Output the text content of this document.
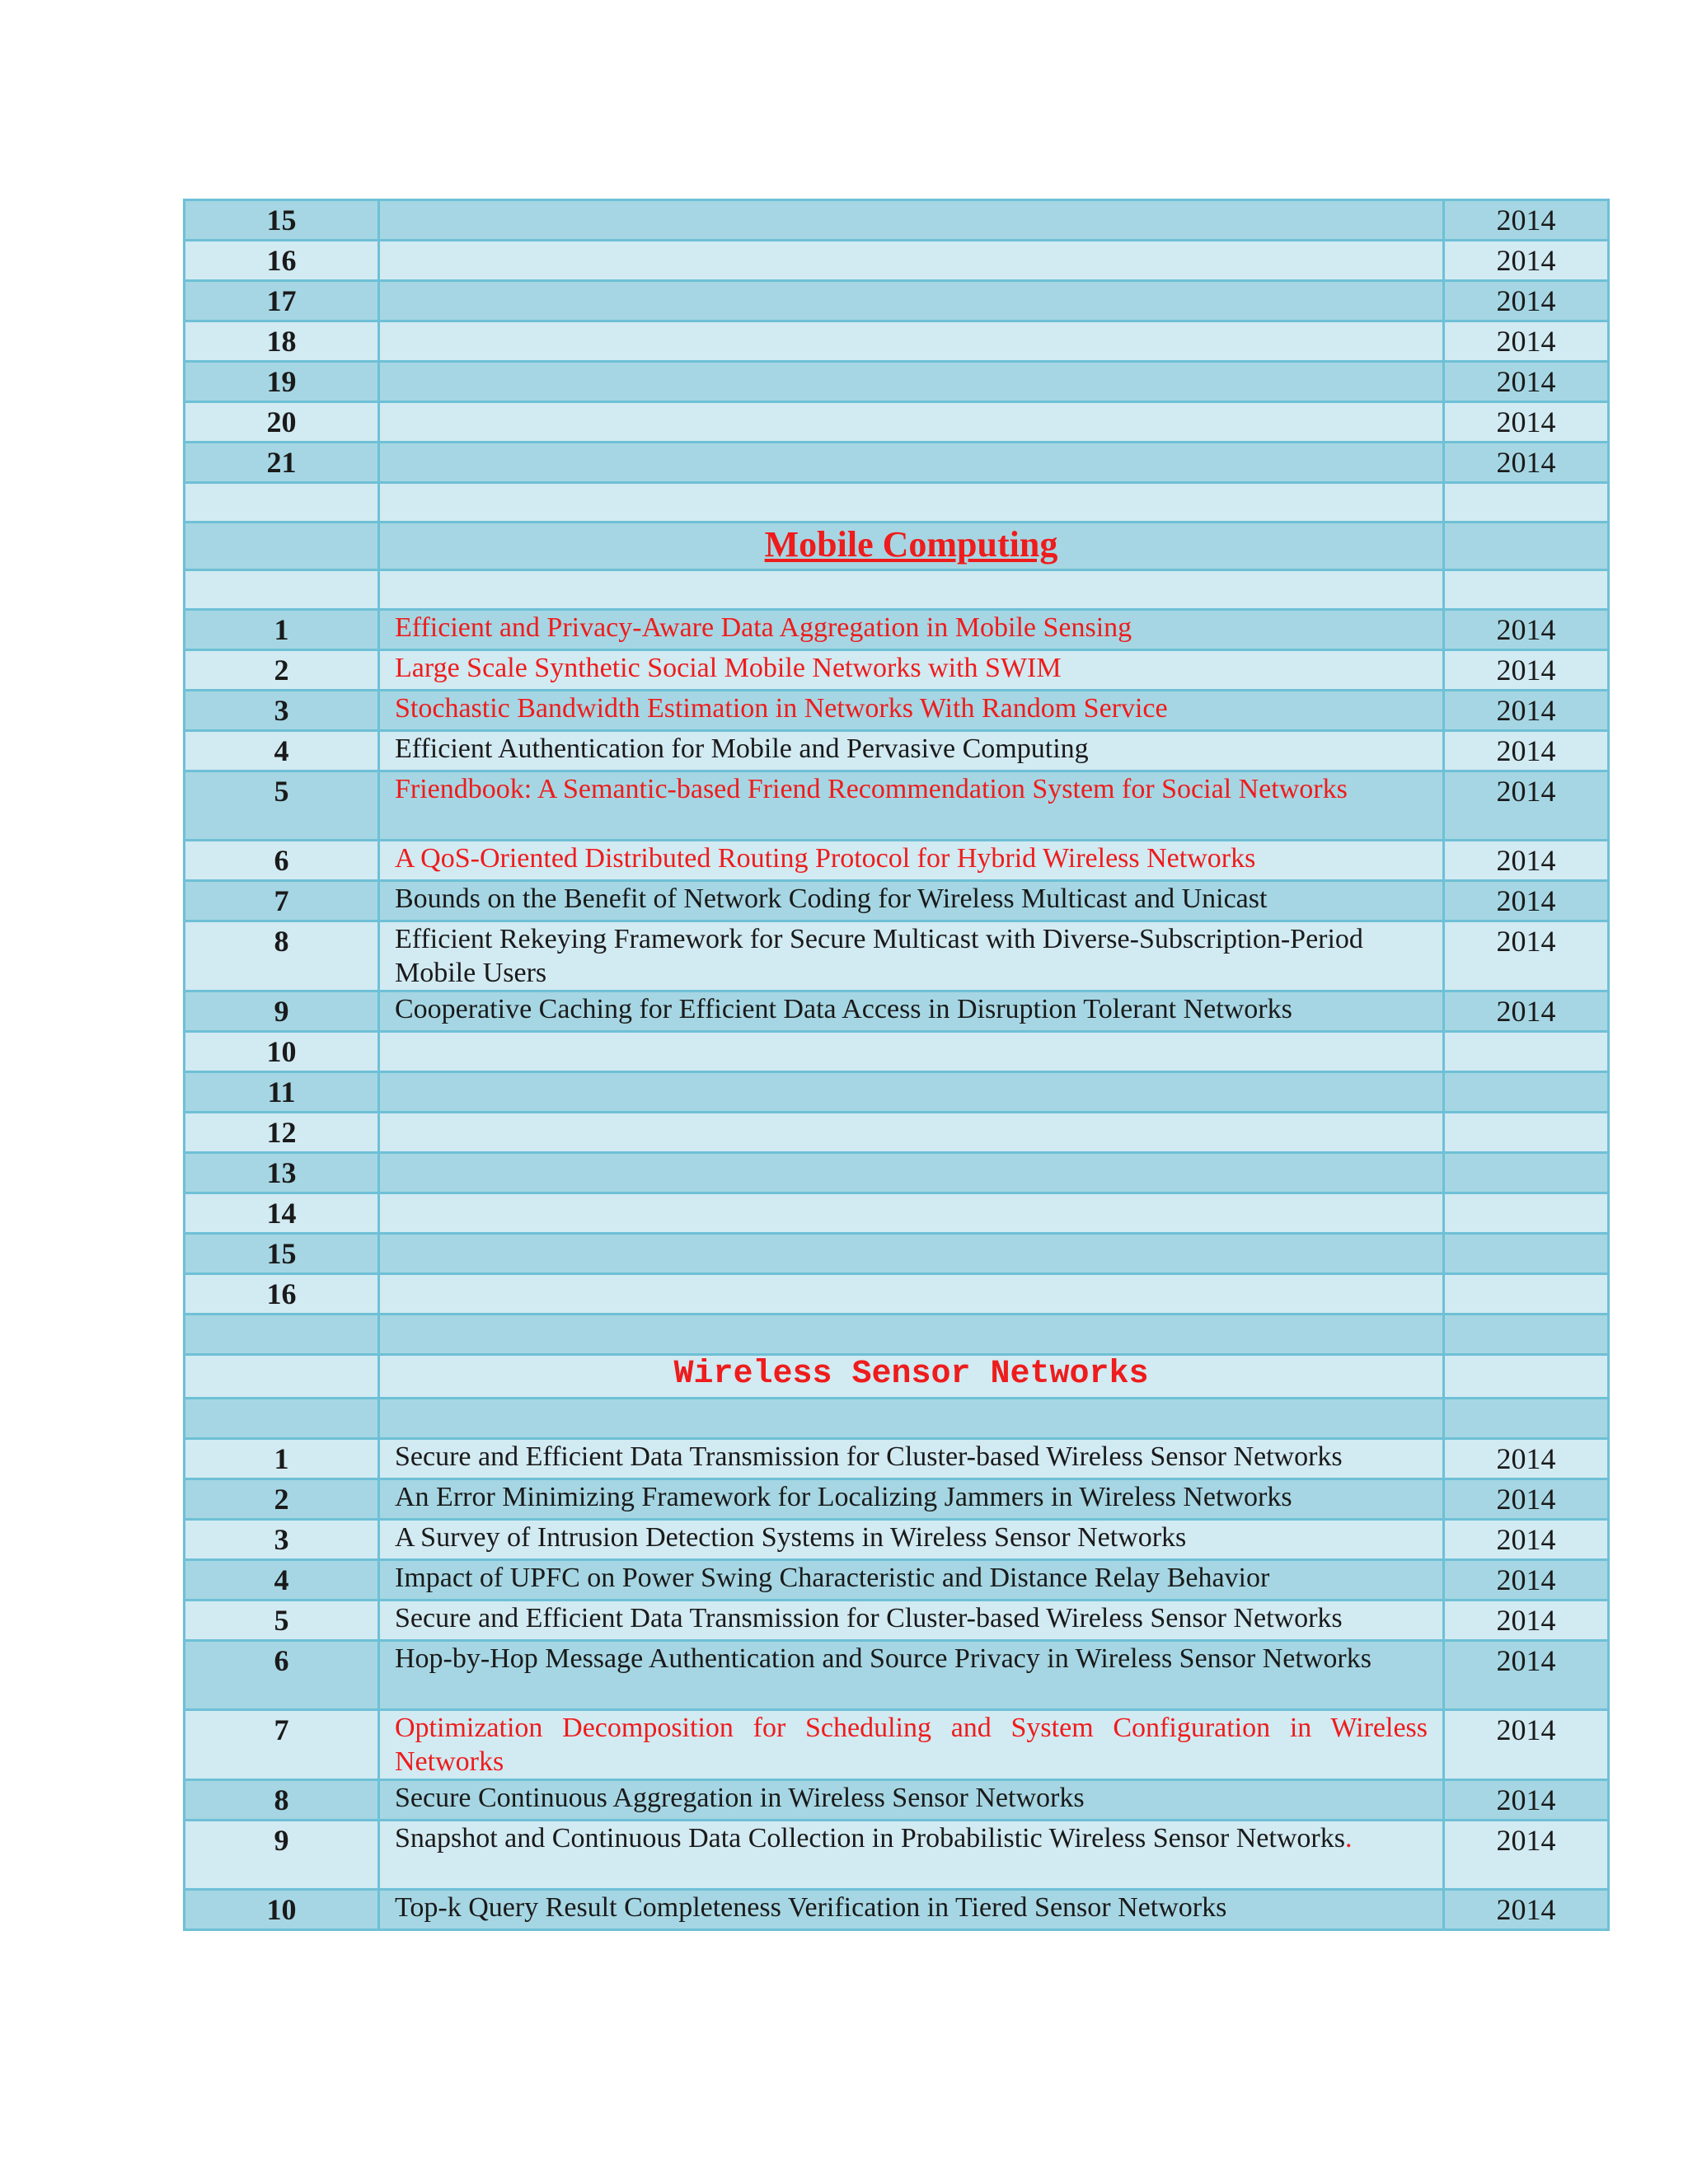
15		2014
16		2014
17		2014
18		2014
19		2014
20		2014
21		2014

	Mobile Computing	

1	Efficient and Privacy-Aware Data Aggregation in Mobile Sensing	2014
2	Large Scale Synthetic Social Mobile Networks with SWIM	2014
3	Stochastic Bandwidth Estimation in Networks With Random Service	2014
4	Efficient Authentication for Mobile and Pervasive Computing	2014
5	Friendbook: A Semantic-based Friend Recommendation System for Social Networks	2014
6	A QoS-Oriented Distributed Routing Protocol for Hybrid Wireless Networks	2014
7	Bounds on the Benefit of Network Coding for Wireless Multicast and Unicast	2014
8	Efficient Rekeying Framework for Secure Multicast with Diverse-Subscription-Period Mobile Users	2014
9	Cooperative Caching for Efficient Data Access in Disruption Tolerant Networks	2014
10		
11		
12		
13		
14		
15		
16		

	Wireless Sensor Networks	

1	Secure and Efficient Data Transmission for Cluster-based Wireless Sensor Networks	2014
2	An Error Minimizing Framework for Localizing Jammers in Wireless Networks	2014
3	A Survey of Intrusion Detection Systems in Wireless Sensor Networks	2014
4	Impact of UPFC on Power Swing Characteristic and Distance Relay Behavior	2014
5	Secure and Efficient Data Transmission for Cluster-based Wireless Sensor Networks	2014
6	Hop-by-Hop Message Authentication and Source Privacy in Wireless Sensor Networks	2014
7	Optimization Decomposition for Scheduling and System Configuration in Wireless Networks	2014
8	Secure Continuous Aggregation in Wireless Sensor Networks	2014
9	Snapshot and Continuous Data Collection in Probabilistic Wireless Sensor Networks.	2014
10	Top-k Query Result Completeness Verification in Tiered Sensor Networks	2014
